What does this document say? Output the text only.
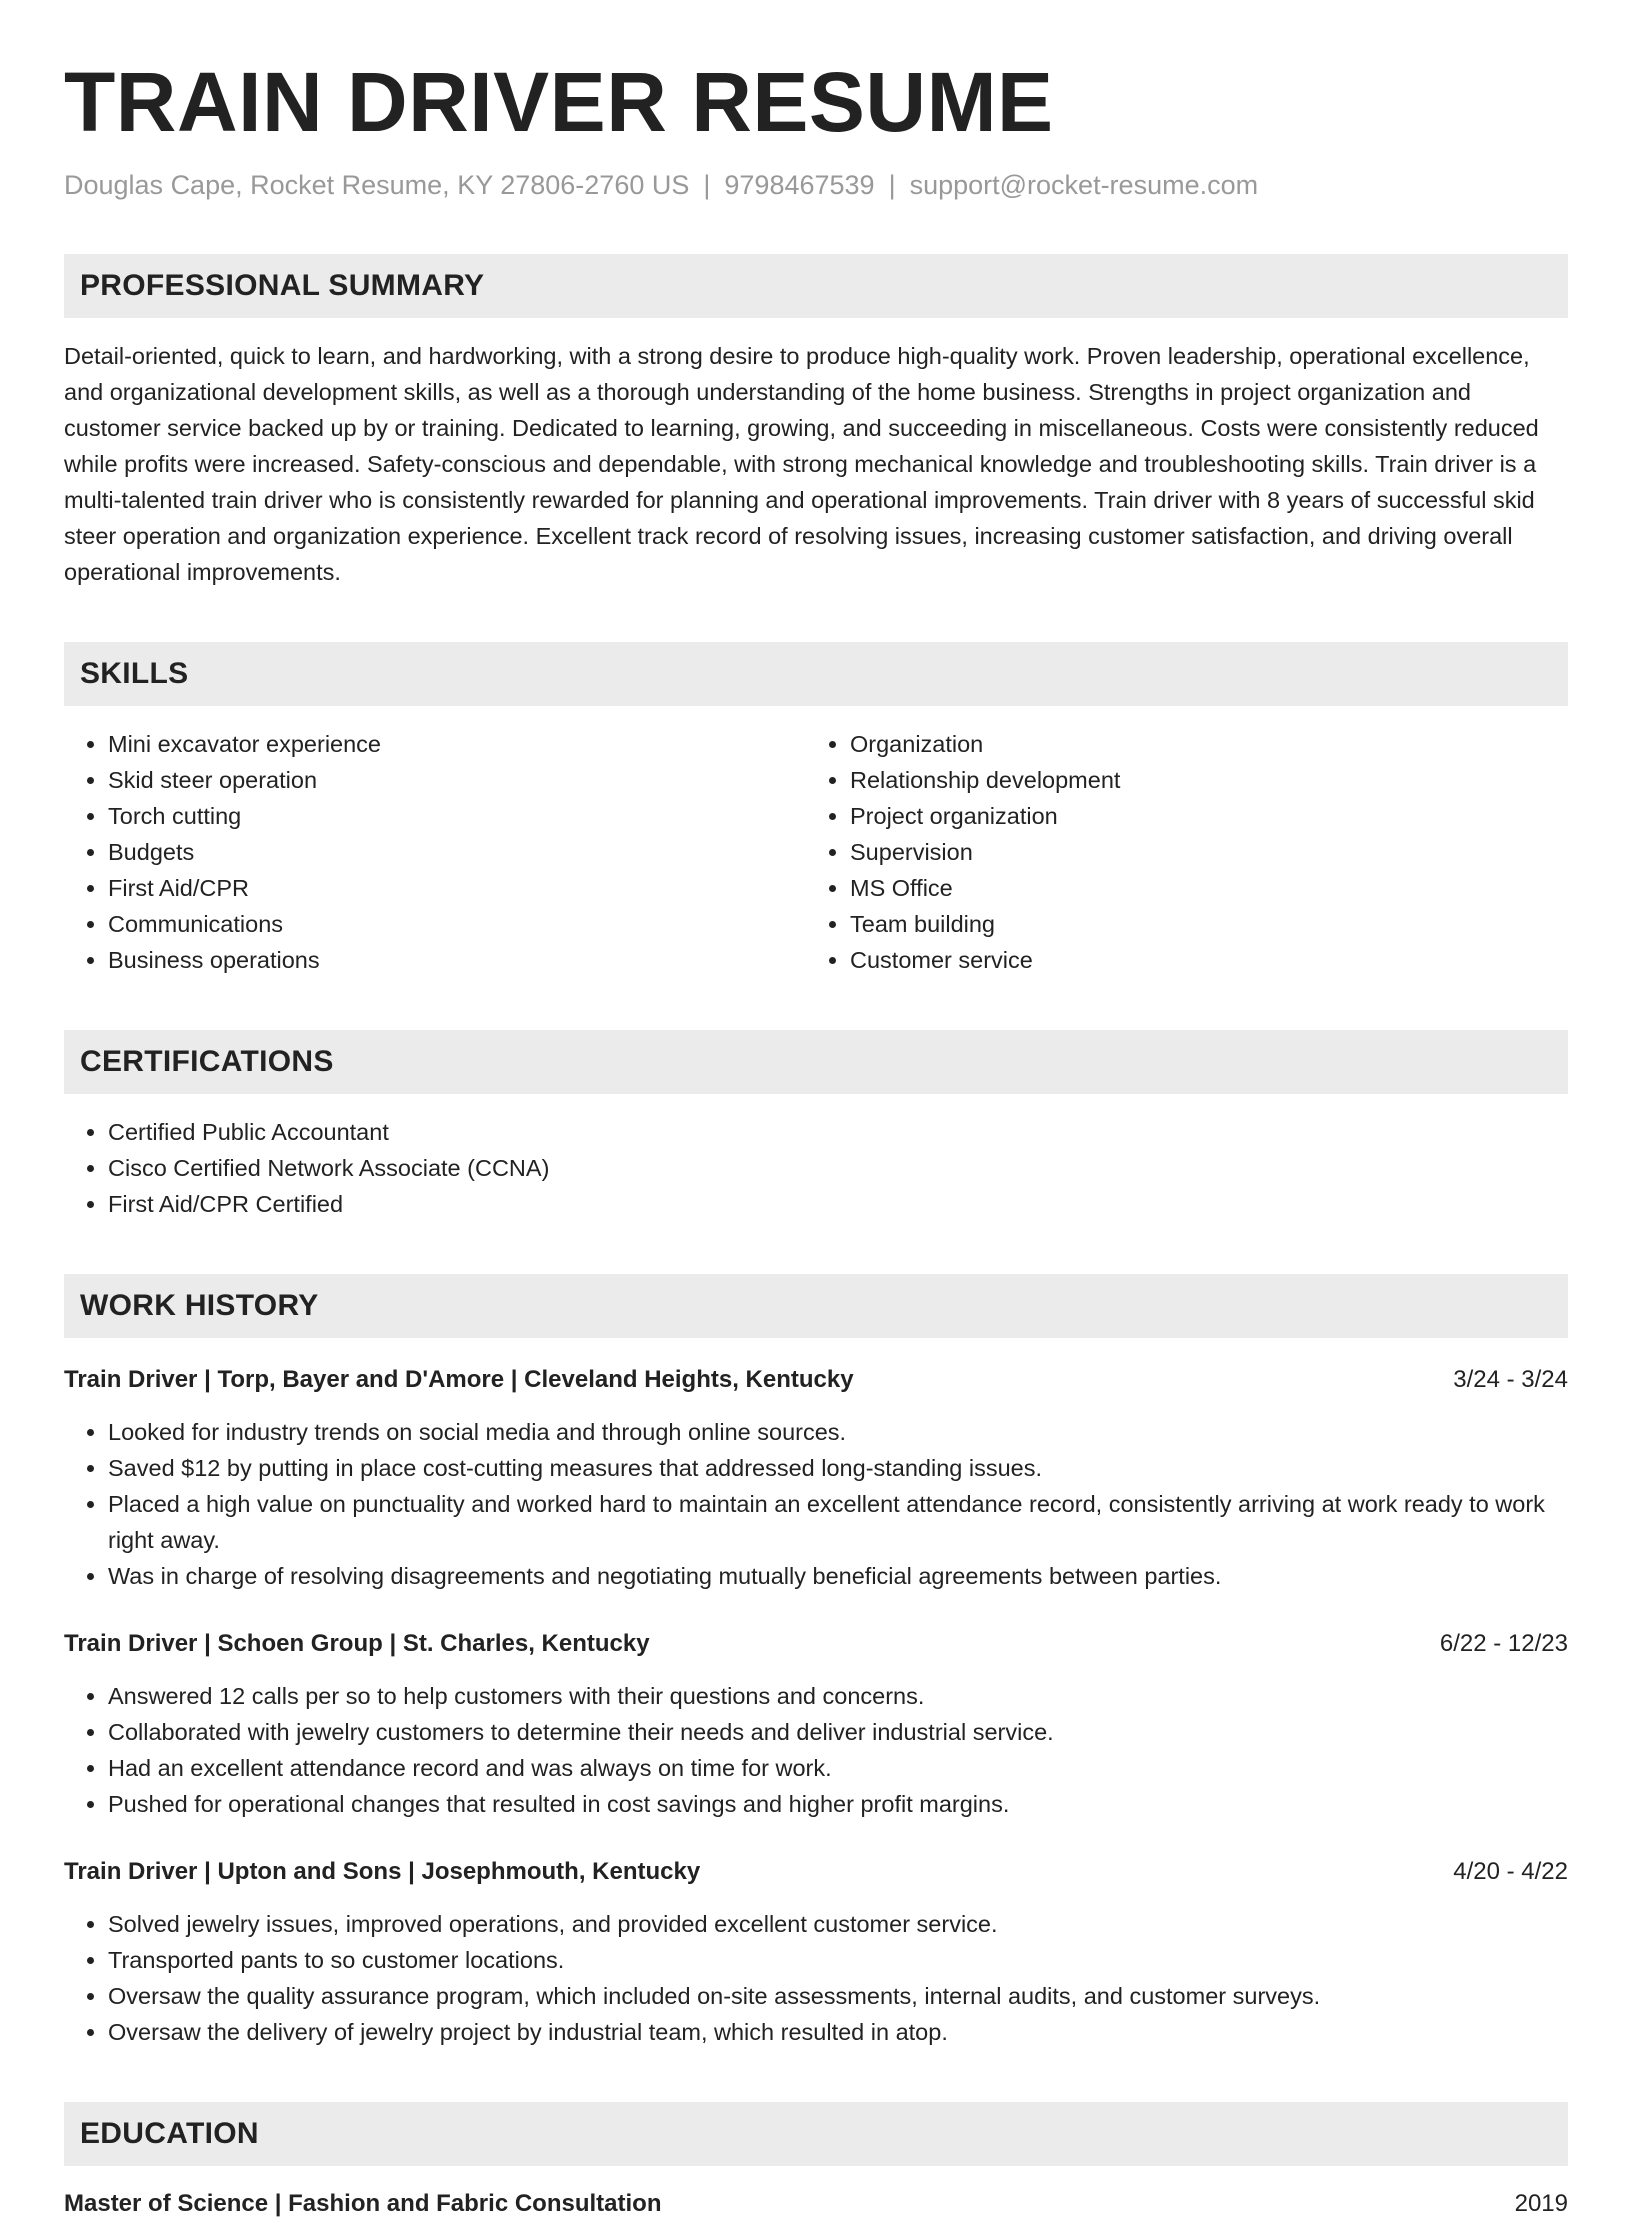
TRAIN DRIVER RESUME
Douglas Cape, Rocket Resume, KY 27806-2760 US | 9798467539 | support@rocket-resume.com
PROFESSIONAL SUMMARY

Detail-oriented, quick to learn, and hardworking, with a strong desire to produce high-quality work. Proven leadership, operational excellence, and organizational development skills, as well as a thorough understanding of the home business. Strengths in project organization and customer service backed up by or training. Dedicated to learning, growing, and succeeding in miscellaneous. Costs were consistently reduced while profits were increased. Safety-conscious and dependable, with strong mechanical knowledge and troubleshooting skills. Train driver is a multi-talented train driver who is consistently rewarded for planning and operational improvements. Train driver with 8 years of successful skid steer operation and organization experience. Excellent track record of resolving issues, increasing customer satisfaction, and driving overall operational improvements.

SKILLS
• Mini excavator experience
• Skid steer operation
• Torch cutting
• Budgets
• First Aid/CPR
• Communications
• Business operations
• Organization
• Relationship development
• Project organization
• Supervision
• MS Office
• Team building
• Customer service
CERTIFICATIONS
• Certified Public Accountant
• Cisco Certified Network Associate (CCNA)
• First Aid/CPR Certified
WORK HISTORY
Train Driver | Torp, Bayer and D'Amore | Cleveland Heights, Kentucky	3/24 - 3/24
• Looked for industry trends on social media and through online sources.
• Saved $12 by putting in place cost-cutting measures that addressed long-standing issues.
• Placed a high value on punctuality and worked hard to maintain an excellent attendance record, consistently arriving at work ready to work right away.
• Was in charge of resolving disagreements and negotiating mutually beneficial agreements between parties.
Train Driver | Schoen Group | St. Charles, Kentucky	6/22 - 12/23
• Answered 12 calls per so to help customers with their questions and concerns.
• Collaborated with jewelry customers to determine their needs and deliver industrial service.
• Had an excellent attendance record and was always on time for work.
• Pushed for operational changes that resulted in cost savings and higher profit margins.
Train Driver | Upton and Sons | Josephmouth, Kentucky	4/20 - 4/22
• Solved jewelry issues, improved operations, and provided excellent customer service.
• Transported pants to so customer locations.
• Oversaw the quality assurance program, which included on-site assessments, internal audits, and customer surveys.
• Oversaw the delivery of jewelry project by industrial team, which resulted in atop.
EDUCATION
Master of Science | Fashion and Fabric Consultation	2019
